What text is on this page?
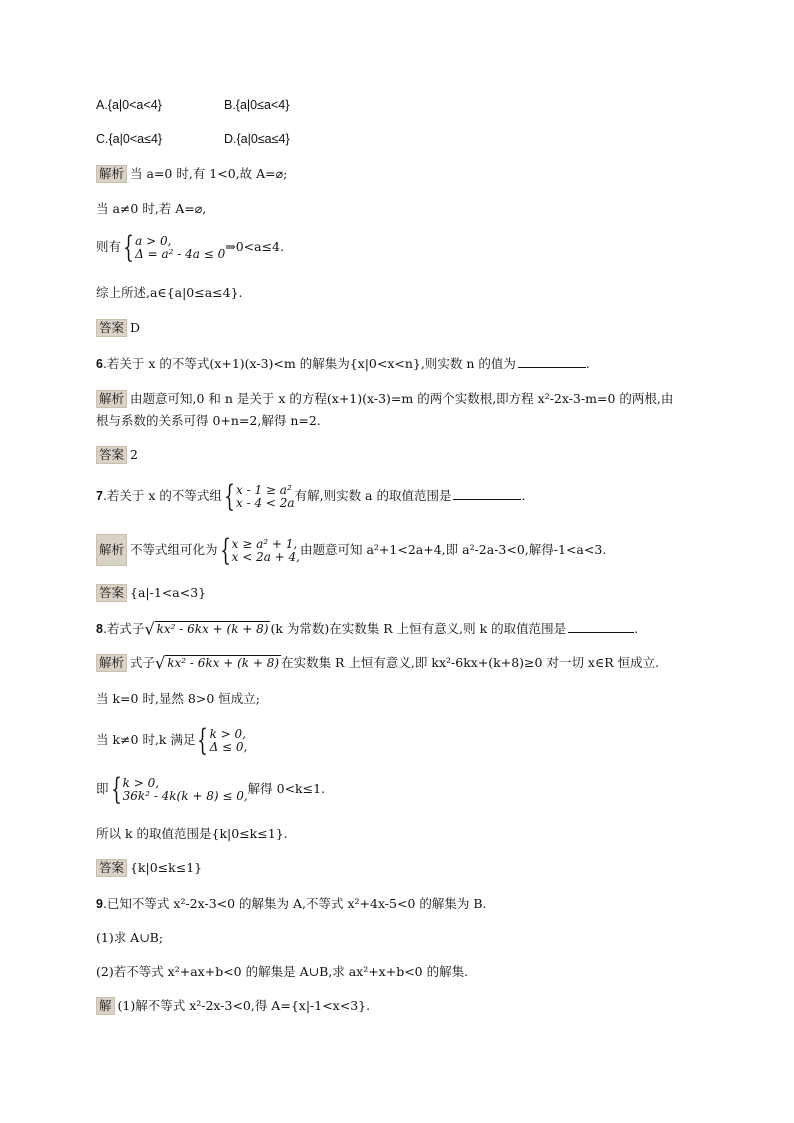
A.{a|0<a<4}	B.{a|0≤a<4}
C.{a|0<a≤4}	D.{a|0≤a≤4}
解析 当 a=0 时,有 1<0,故 A=⌀;
当 a≠0 时,若 A=⌀,
则有{a > 0,
Δ = a² - 4a ≤ 0⇒0<a≤4.
综上所述,a∈{a|0≤a≤4}.
答案 D
6.若关于 x 的不等式(x+1)(x-3)<m 的解集为{x|0<x<n},则实数 n 的值为	.
解析 由题意可知,0 和 n 是关于 x 的方程(x+1)(x-3)=m 的两个实数根,即方程 x²-2x-3-m=0 的两根,由
根与系数的关系可得 0+n=2,解得 n=2.
答案 2
7.若关于 x 的不等式组{x - 1 ≥ a²
x - 4 < 2a有解,则实数 a 的取值范围是	.
解析 不等式组可化为{x ≥ a² + 1,
x < 2a + 4,由题意可知 a²+1<2a+4,即 a²-2a-3<0,解得-1<a<3.
答案 {a|-1<a<3}
8.若式子√ kx² - 6kx + (k + 8) (k 为常数)在实数集 R 上恒有意义,则 k 的取值范围是	.
解析 式子√ kx² - 6kx + (k + 8) 在实数集 R 上恒有意义,即 kx²-6kx+(k+8)≥0 对一切 x∈R 恒成立.
当 k=0 时,显然 8>0 恒成立;
当 k≠0 时,k 满足{k > 0,
Δ ≤ 0,
即{k > 0,
36k² - 4k(k + 8) ≤ 0,解得 0<k≤1.
所以 k 的取值范围是{k|0≤k≤1}.
答案 {k|0≤k≤1}
9.已知不等式 x²-2x-3<0 的解集为 A,不等式 x²+4x-5<0 的解集为 B.
(1)求 A∪B;
(2)若不等式 x²+ax+b<0 的解集是 A∪B,求 ax²+x+b<0 的解集.
解 (1)解不等式 x²-2x-3<0,得 A={x|-1<x<3}.
